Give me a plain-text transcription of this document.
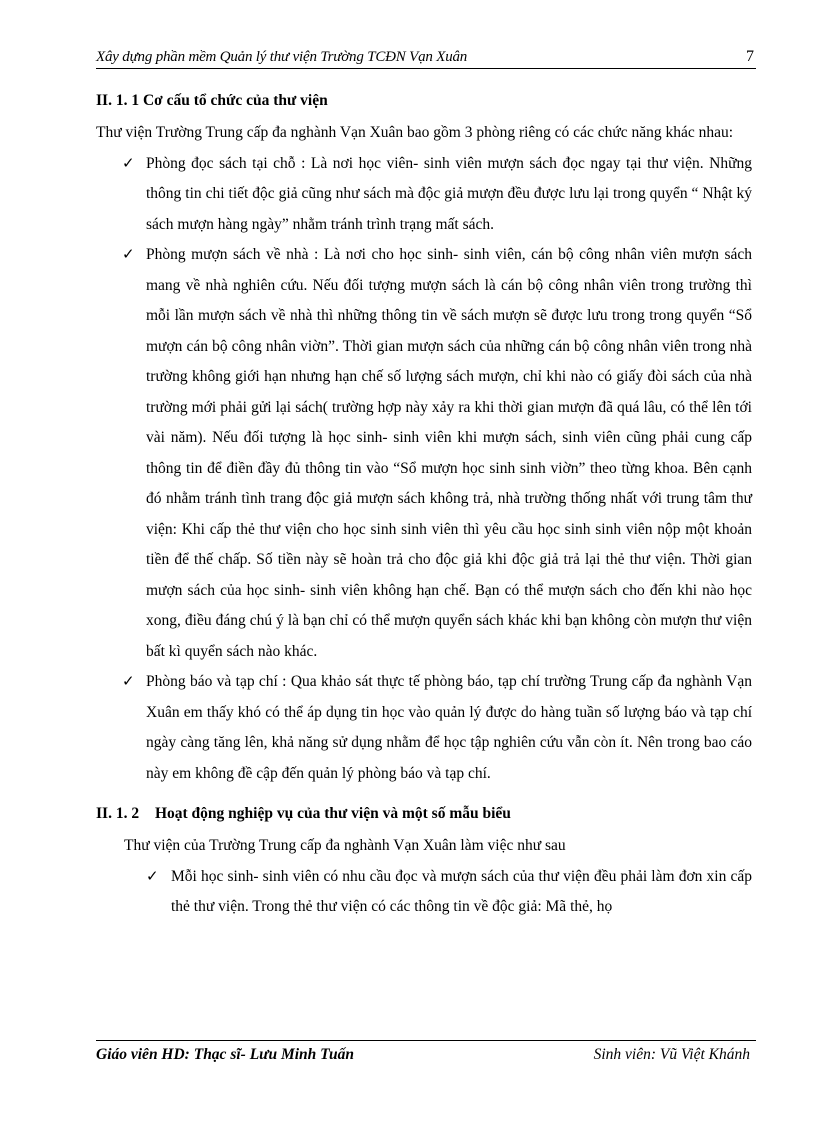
Xây dựng phần mềm Quản lý thư viện Trường TCĐN Vạn Xuân	7
II. 1. 1 Cơ cấu tổ chức của thư viện

Thư viện Trường Trung cấp đa nghành Vạn Xuân bao gồm 3 phòng riêng có các chức năng khác nhau:

✓ Phòng đọc sách tại chỗ : Là nơi học viên- sinh viên mượn sách đọc ngay tại thư viện. Những thông tin chi tiết độc giả cũng như sách mà độc giả mượn đều được lưu lại trong quyển “ Nhật ký sách mượn hàng ngày” nhằm tránh trình trạng mất sách.
✓ Phòng mượn sách về nhà : Là nơi cho học sinh- sinh viên, cán bộ công nhân viên mượn sách mang về nhà nghiên cứu. Nếu đối tượng mượn sách là cán bộ công nhân viên trong trường thì mỗi lần mượn sách về nhà thì những thông tin về sách mượn sẽ được lưu trong trong quyển “Sổ mượn cán bộ công nhân viờn”. Thời gian mượn sách của những cán bộ công nhân viên trong nhà trường không giới hạn nhưng hạn chế số lượng sách mượn, chỉ khi nào có giấy đòi sách của nhà trường mới phải gửi lại sách( trường hợp này xảy ra khi thời gian mượn đã quá lâu, có thể lên tới vài năm). Nếu đối tượng là học sinh- sinh viên khi mượn sách, sinh viên cũng phải cung cấp thông tin để điền đầy đủ thông tin vào “Sổ mượn học sinh sinh viờn” theo từng khoa. Bên cạnh đó nhằm tránh tình trang độc giả mượn sách không trả, nhà trường thống nhất với trung tâm thư viện: Khi cấp thẻ thư viện cho học sinh sinh viên thì yêu cầu học sinh sinh viên nộp một khoản tiền để thế chấp. Số tiền này sẽ hoàn trả cho độc giả khi độc giả trả lại thẻ thư viện. Thời gian mượn sách của học sinh- sinh viên không hạn chế. Bạn có thể mượn sách cho đến khi nào học xong, điều đáng chú ý là bạn chỉ có thể mượn quyển sách khác khi bạn không còn mượn thư viện bất kì quyển sách nào khác.
✓ Phòng báo và tạp chí : Qua khảo sát thực tế phòng báo, tạp chí trường Trung cấp đa nghành Vạn Xuân em thấy khó có thể áp dụng tin học vào quản lý được do hàng tuần số lượng báo và tạp chí ngày càng tăng lên, khả năng sử dụng nhằm để học tập nghiên cứu vẫn còn ít. Nên trong bao cáo này em không đề cập đến quản lý phòng báo và tạp chí.
II. 1. 2 Hoạt động nghiệp vụ của thư viện và một số mẫu biểu

Thư viện của Trường Trung cấp đa nghành Vạn Xuân làm việc như sau

✓ Mỗi học sinh- sinh viên có nhu cầu đọc và mượn sách của thư viện đều phải làm đơn xin cấp thẻ thư viện. Trong thẻ thư viện có các thông tin về độc giả: Mã thẻ, họ
Giáo viên HD: Thạc sĩ- Lưu Minh Tuấn	Sinh viên: Vũ Việt Khánh
